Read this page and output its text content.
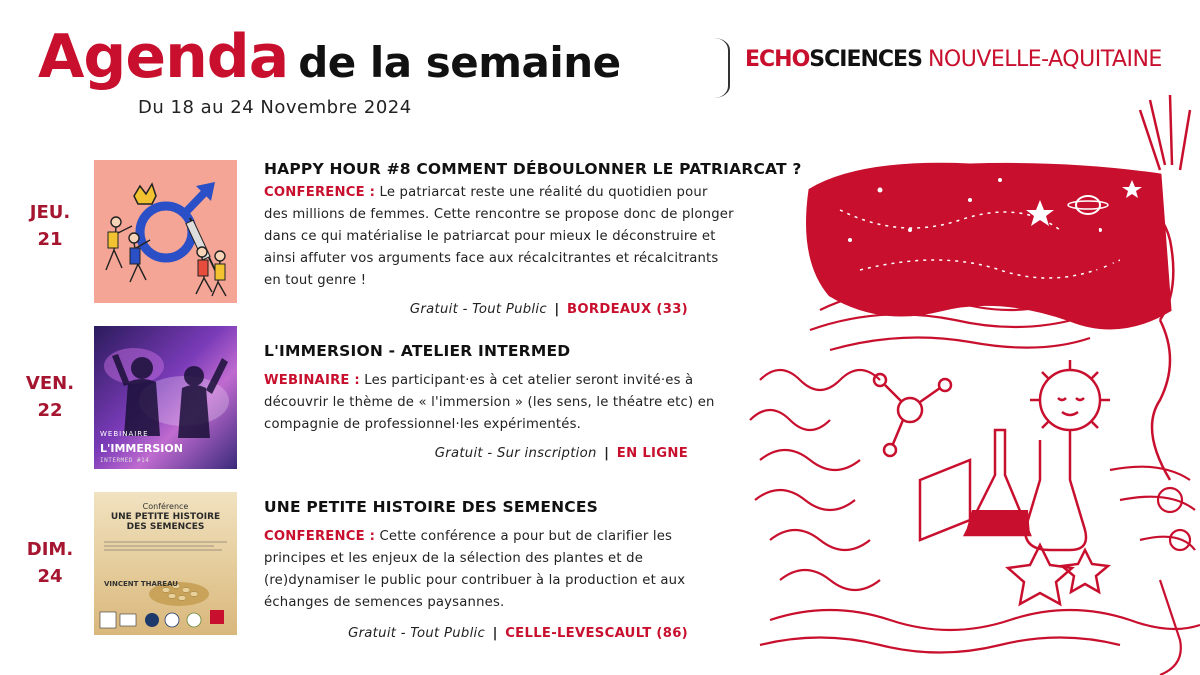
Agenda de la semaine
Du 18 au 24 Novembre 2024
ECHOSCIENCES NOUVELLE-AQUITAINE
JEU.
21
HAPPY HOUR #8 COMMENT DÉBOULONNER LE PATRIARCAT ?
CONFERENCE : Le patriarcat reste une réalité du quotidien pour des millions de femmes. Cette rencontre se propose donc de plonger dans ce qui matérialise le patriarcat pour mieux le déconstruire et ainsi affuter vos arguments face aux récalcitrantes et récalcitrants en tout genre !
Gratuit - Tout Public | BORDEAUX (33)
VEN.
22
WEBINAIRE
L'IMMERSION
INTERMED #14
L'IMMERSION - ATELIER INTERMED
WEBINAIRE : Les participant·es à cet atelier seront invité·es à découvrir le thème de « l'immersion » (les sens, le théatre etc) en compagnie de professionnel·les expérimentés.
Gratuit - Sur inscription | EN LIGNE
DIM.
24
Conférence
UNE PETITE HISTOIRE DES SEMENCES
VINCENT THAREAU
UNE PETITE HISTOIRE DES SEMENCES
CONFERENCE : Cette conférence a pour but de clarifier les principes et les enjeux de la sélection des plantes et de (re)dynamiser le public pour contribuer à la production et aux échanges de semences paysannes.
Gratuit - Tout Public | CELLE-LEVESCAULT (86)
